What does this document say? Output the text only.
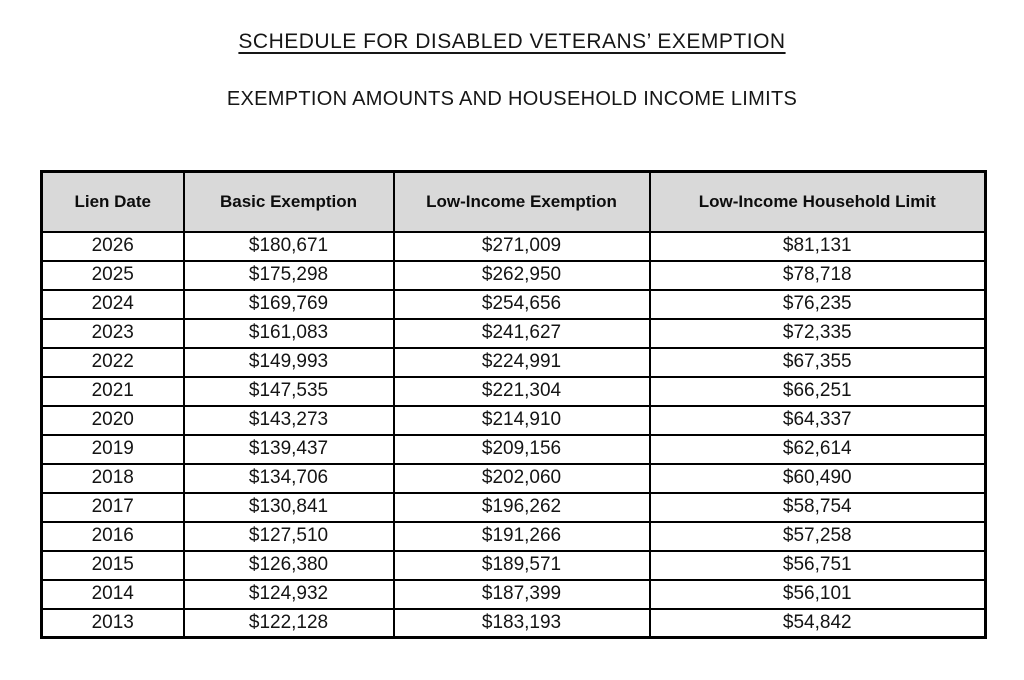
SCHEDULE FOR DISABLED VETERANS’ EXEMPTION
EXEMPTION AMOUNTS AND HOUSEHOLD INCOME LIMITS
Lien Date	Basic Exemption	Low-Income Exemption	Low-Income Household Limit
2026	$180,671	$271,009	$81,131
2025	$175,298	$262,950	$78,718
2024	$169,769	$254,656	$76,235
2023	$161,083	$241,627	$72,335
2022	$149,993	$224,991	$67,355
2021	$147,535	$221,304	$66,251
2020	$143,273	$214,910	$64,337
2019	$139,437	$209,156	$62,614
2018	$134,706	$202,060	$60,490
2017	$130,841	$196,262	$58,754
2016	$127,510	$191,266	$57,258
2015	$126,380	$189,571	$56,751
2014	$124,932	$187,399	$56,101
2013	$122,128	$183,193	$54,842
